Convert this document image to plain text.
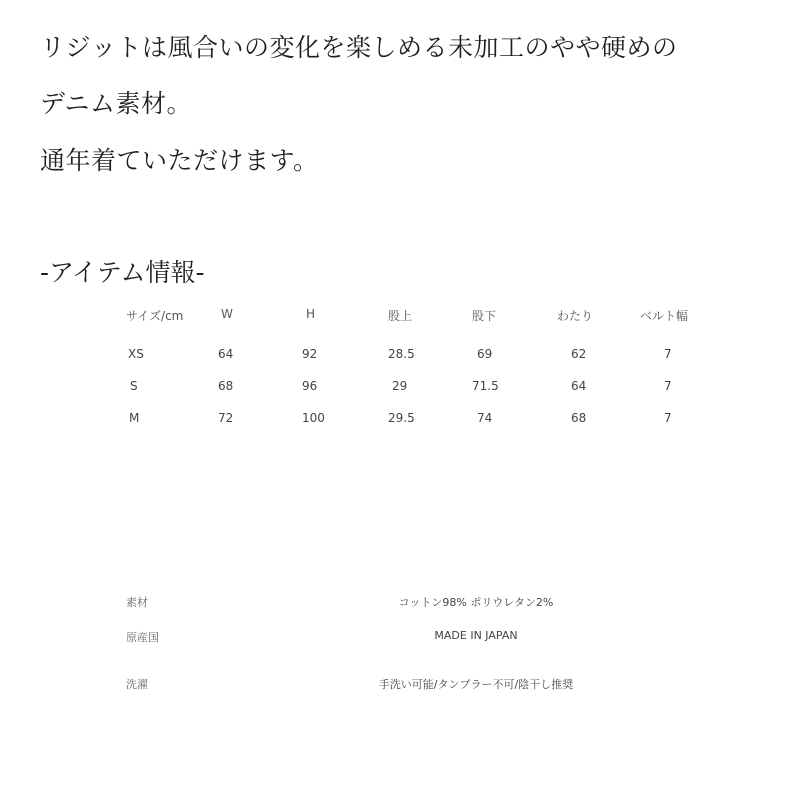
リジットは風合いの変化を楽しめる未加工のやや硬めの
デニム素材。
通年着ていただけます。
-アイテム情報-
サイズ/cm	W	H	股上	股下	わたり	ベルト幅
XS	64	92	28.5	69	62	7
S	68	96	29	71.5	64	7
M	72	100	29.5	74	68	7
素材	コットン98% ポリウレタン2%
原産国	MADE IN JAPAN
洗濯	手洗い可能/タンブラー不可/陰干し推奨
